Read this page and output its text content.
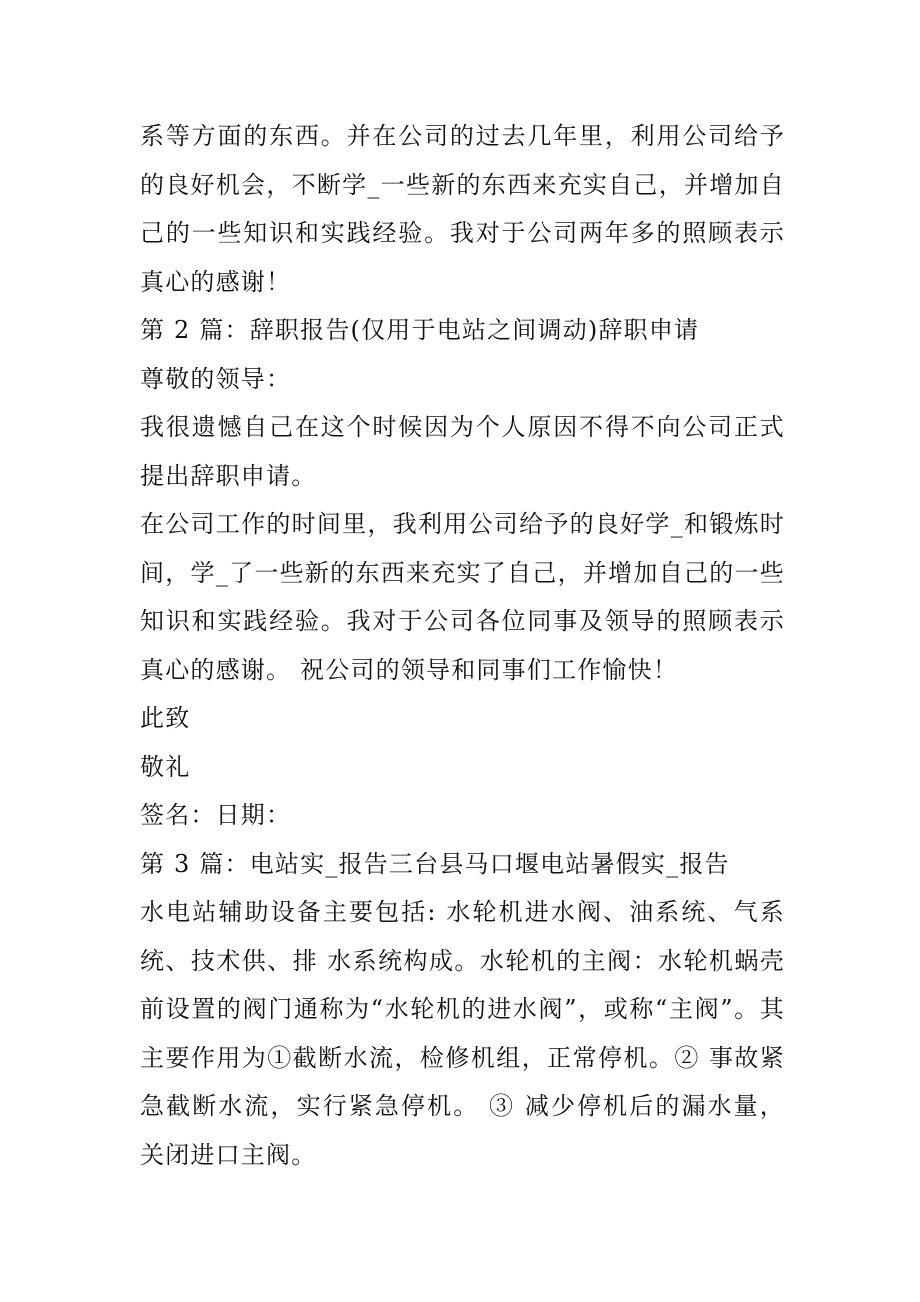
系等方面的东西。并在公司的过去几年里，利用公司给予的良好机会，不断学_一些新的东西来充实自己，并增加自己的一些知识和实践经验。我对于公司两年多的照顾表示真心的感谢！

第 2 篇：辞职报告(仅用于电站之间调动)辞职申请

尊敬的领导：

我很遗憾自己在这个时候因为个人原因不得不向公司正式提出辞职申请。

在公司工作的时间里，我利用公司给予的良好学_和锻炼时间，学_了一些新的东西来充实了自己，并增加自己的一些知识和实践经验。我对于公司各位同事及领导的照顾表示真心的感谢。 祝公司的领导和同事们工作愉快！

此致

敬礼

签名：日期：

第 3 篇：电站实_报告三台县马口堰电站暑假实_报告

水电站辅助设备主要包括: 水轮机进水阀、油系统、气系统、技术供、排 水系统构成。水轮机的主阀：水轮机蜗壳前设置的阀门通称为“水轮机的进水阀”，或称“主阀”。其主要作用为①截断水流，检修机组，正常停机。② 事故紧急截断水流，实行紧急停机。 ③ 减少停机后的漏水量，关闭进口主阀。
